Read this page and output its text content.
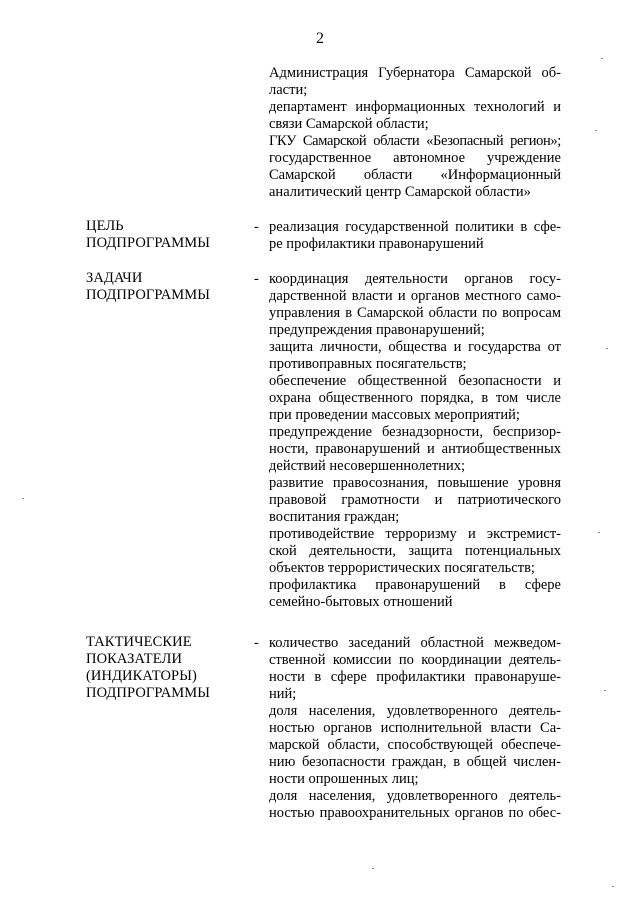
2
Администрация Губернатора Самарской об-
ласти;
департамент информационных технологий и
связи Самарской области;
ГКУ Самарской области «Безопасный регион»;
государственное автономное учреждение
Самарской области «Информационный
аналитический центр Самарской области»
ЦЕЛЬ
ПОДПРОГРАММЫ
- реализация государственной политики в сфе-
ре профилактики правонарушений
ЗАДАЧИ
ПОДПРОГРАММЫ
- координация деятельности органов госу-
дарственной власти и органов местного само-
управления в Самарской области по вопросам
предупреждения правонарушений;
защита личности, общества и государства от
противоправных посягательств;
обеспечение общественной безопасности и
охрана общественного порядка, в том числе
при проведении массовых мероприятий;
предупреждение безнадзорности, беспризор-
ности, правонарушений и антиобщественных
действий несовершеннолетних;
развитие правосознания, повышение уровня
правовой грамотности и патриотического
воспитания граждан;
противодействие терроризму и экстремист-
ской деятельности, защита потенциальных
объектов террористических посягательств;
профилактика правонарушений в сфере
семейно-бытовых отношений
ТАКТИЧЕСКИЕ
ПОКАЗАТЕЛИ
(ИНДИКАТОРЫ)
ПОДПРОГРАММЫ
- количество заседаний областной межведом-
ственной комиссии по координации деятель-
ности в сфере профилактики правонаруше-
ний;
доля населения, удовлетворенного деятель-
ностью органов исполнительной власти Са-
марской области, способствующей обеспече-
нию безопасности граждан, в общей числен-
ности опрошенных лиц;
доля населения, удовлетворенного деятель-
ностью правоохранительных органов по обес-
